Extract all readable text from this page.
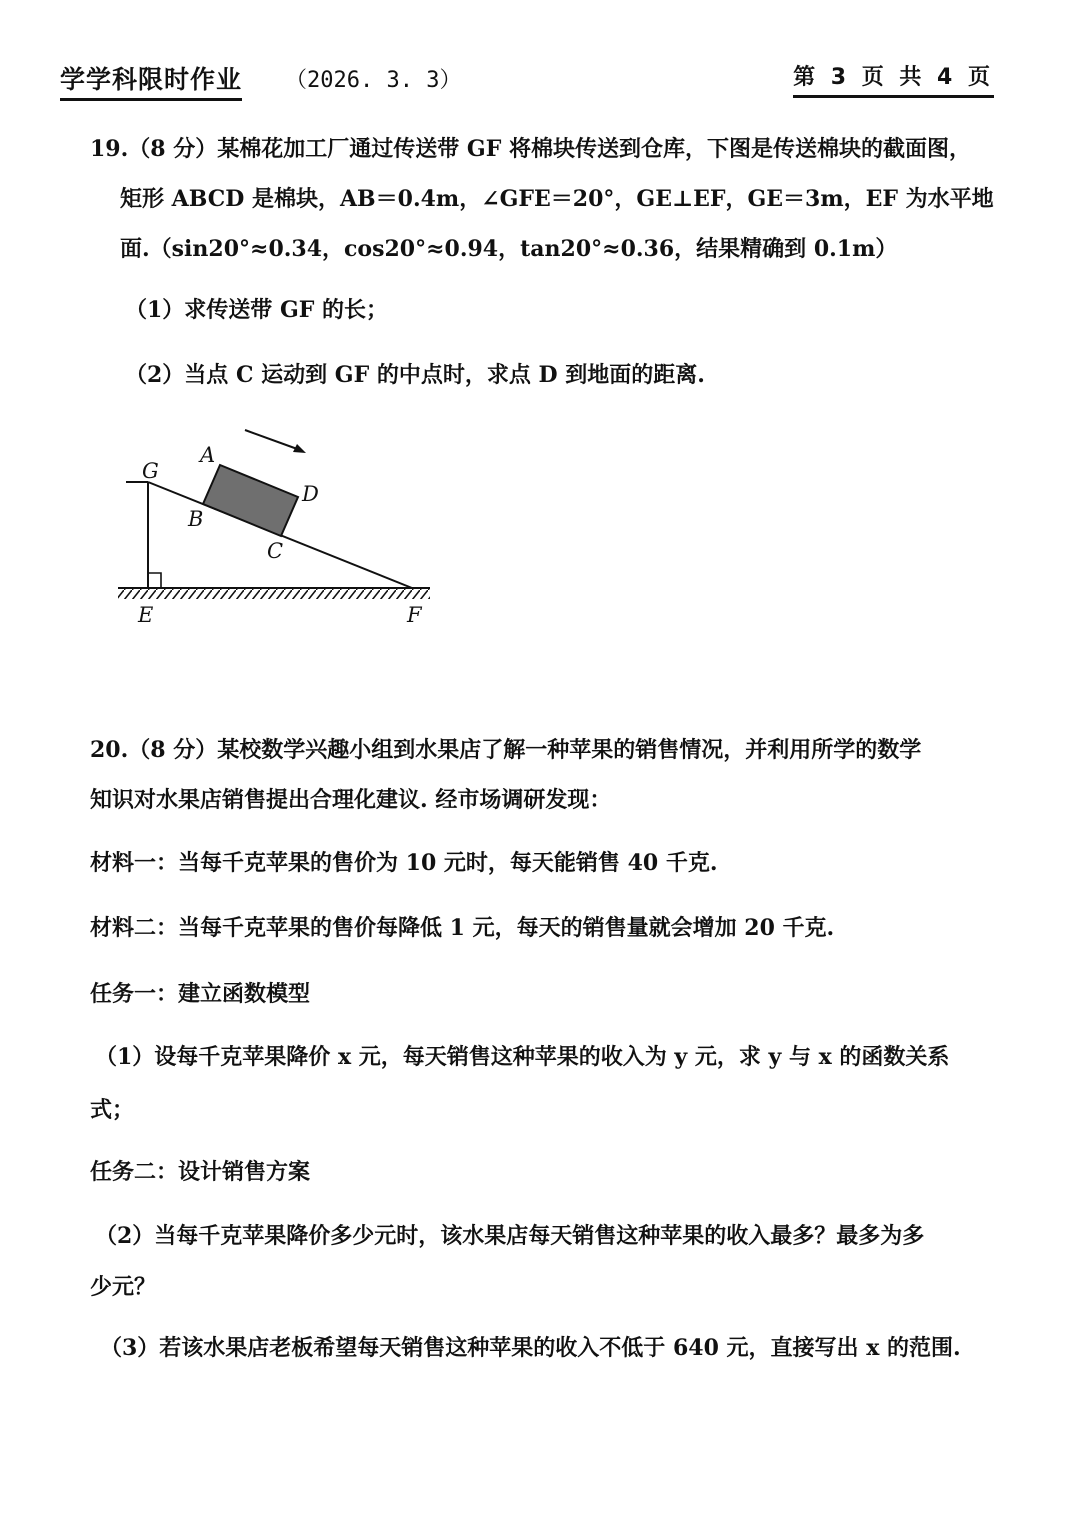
学学科限时作业 （2026. 3. 3）	第 3 页 共 4 页
19.（8 分）某棉花加工厂通过传送带 GF 将棉块传送到仓库，下图是传送棉块的截面图，
矩形 ABCD 是棉块，AB＝0.4m，∠GFE＝20°，GE⊥EF，GE＝3m，EF 为水平地
面.（sin20°≈0.34，cos20°≈0.94，tan20°≈0.36，结果精确到 0.1m）
（1）求传送带 GF 的长；
（2）当点 C 运动到 GF 的中点时，求点 D 到地面的距离.
G
A
D
B
C
E	F
20.（8 分）某校数学兴趣小组到水果店了解一种苹果的销售情况，并利用所学的数学
知识对水果店销售提出合理化建议. 经市场调研发现：
材料一：当每千克苹果的售价为 10 元时，每天能销售 40 千克.
材料二：当每千克苹果的售价每降低 1 元，每天的销售量就会增加 20 千克.
任务一：建立函数模型
（1）设每千克苹果降价 x 元，每天销售这种苹果的收入为 y 元，求 y 与 x 的函数关系
式；
任务二：设计销售方案
（2）当每千克苹果降价多少元时，该水果店每天销售这种苹果的收入最多？最多为多
少元？
（3）若该水果店老板希望每天销售这种苹果的收入不低于 640 元，直接写出 x 的范围.
